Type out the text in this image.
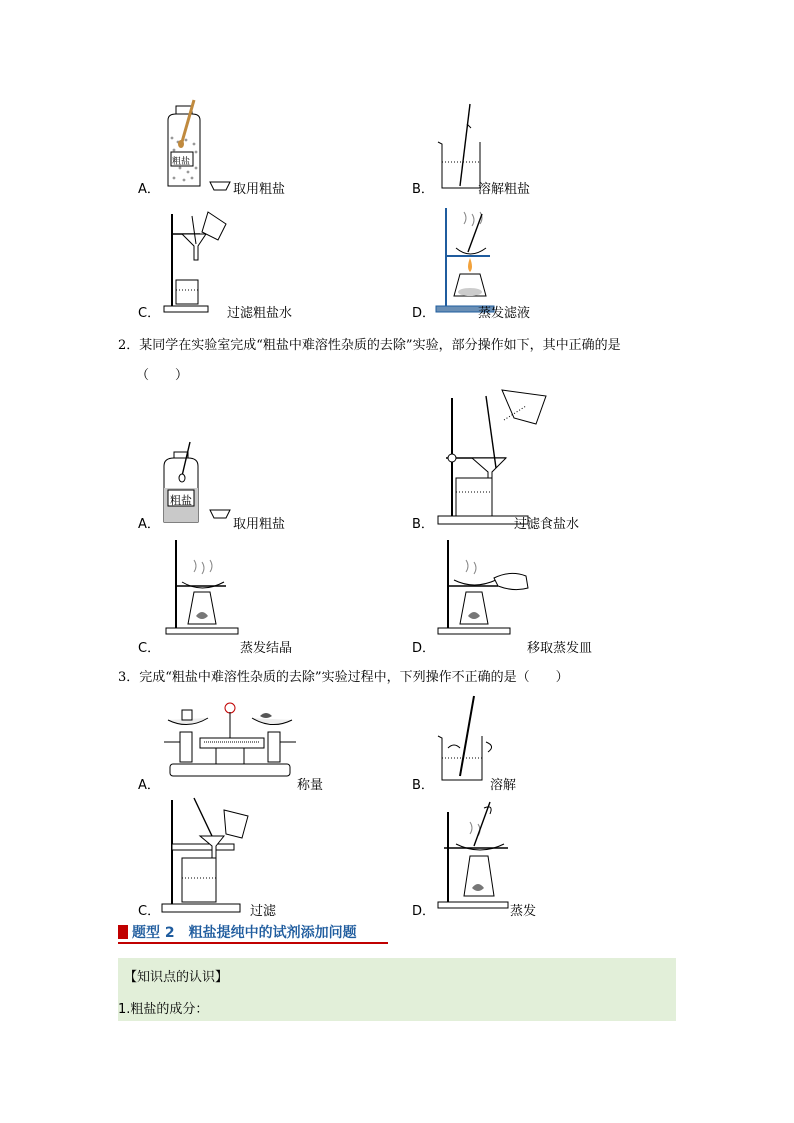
粗盐
A．	取用粗盐	B．	溶解粗盐
C．	过滤粗盐水	D．	蒸发滤液
2．某同学在实验室完成“粗盐中难溶性杂质的去除”实验，部分操作如下，其中正确的是
（　　）
粗盐
A．	取用粗盐	B．	过滤食盐水
C．	蒸发结晶	D．	移取蒸发皿
3．完成“粗盐中难溶性杂质的去除”实验过程中，下列操作不正确的是（　　）
A．	称量	B．	溶解
C．	过滤	D．	蒸发
题型 2　粗盐提纯中的试剂添加问题
【知识点的认识】
1.粗盐的成分：
